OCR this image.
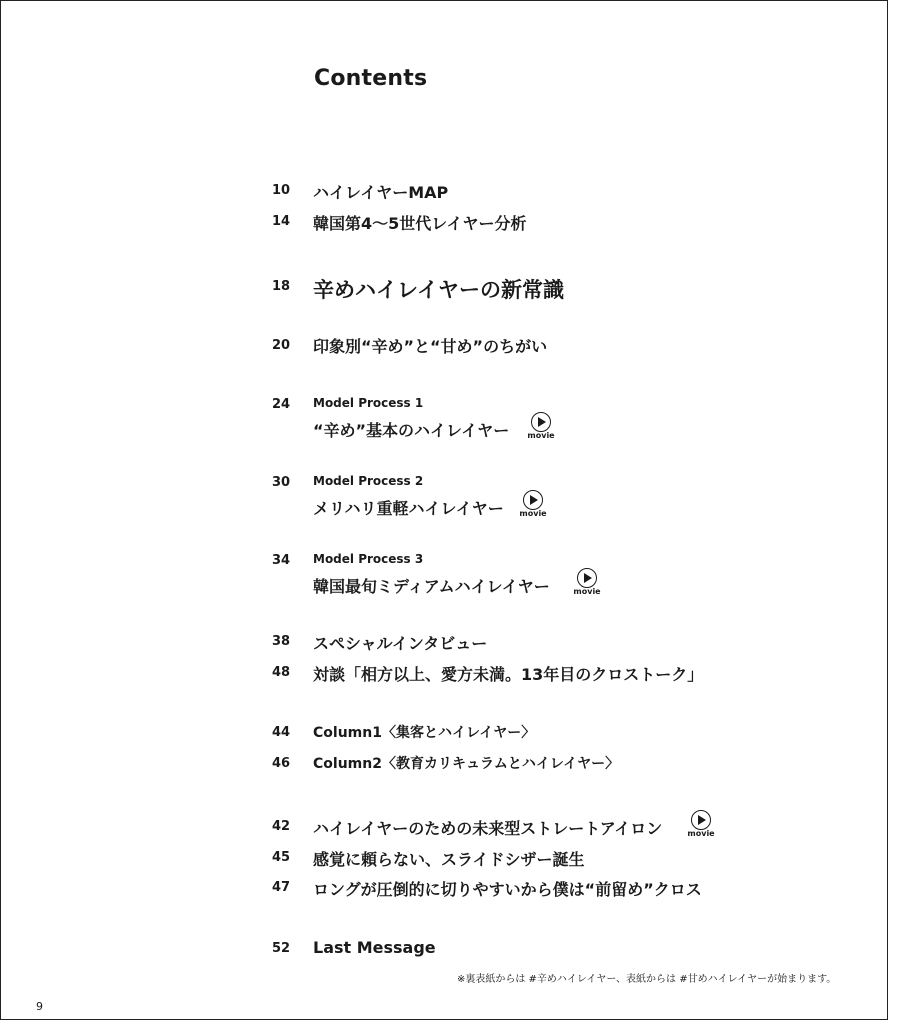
Contents
10 ハイレイヤーMAP
14 韓国第4〜5世代レイヤー分析
18 辛めハイレイヤーの新常識
20 印象別“辛め”と“甘め”のちがい
24	Model Process 1
“辛め”基本のハイレイヤー movie
30	Model Process 2
メリハリ重軽ハイレイヤー movie
34	Model Process 3
韓国最旬ミディアムハイレイヤー	movie
38 スペシャルインタビュー
48 対談「相方以上、愛方未満。13年目のクロストーク」
44 Column1〈集客とハイレイヤー〉
46 Column2〈教育カリキュラムとハイレイヤー〉
42 ハイレイヤーのための未来型ストレートアイロン	movie
45 感覚に頼らない、スライドシザー誕生
47 ロングが圧倒的に切りやすいから僕は“前留め”クロス
52 Last Message
※裏表紙からは #辛めハイレイヤー、表紙からは #甘めハイレイヤーが始まります。
9
